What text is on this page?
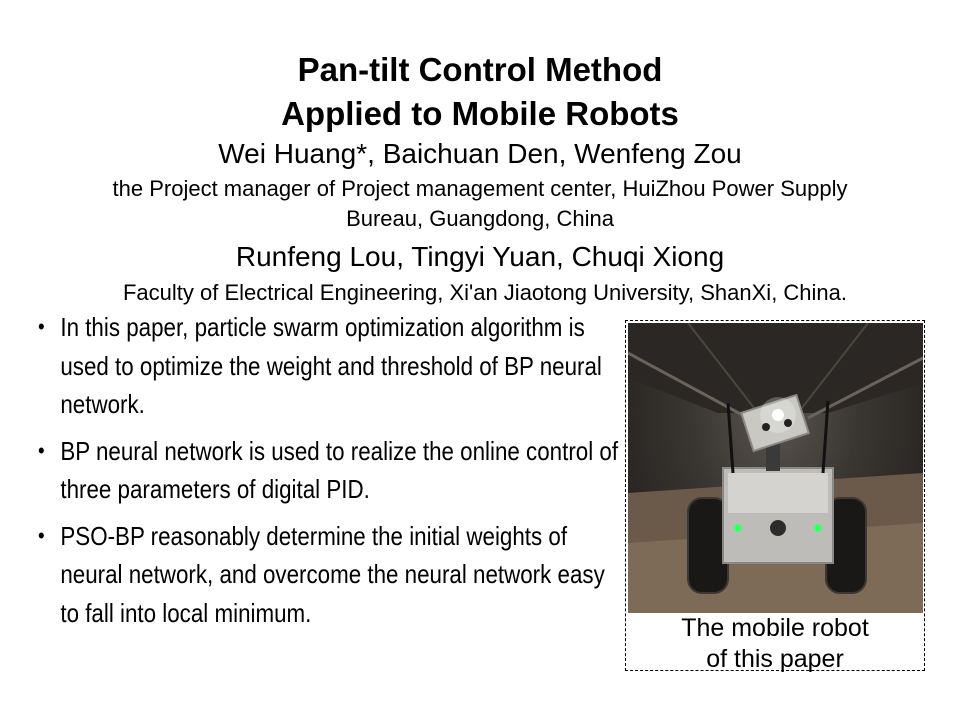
Pan-tilt Control Method
Applied to Mobile Robots
Wei Huang*, Baichuan Den, Wenfeng Zou
the Project manager of Project management center, HuiZhou Power Supply
Bureau, Guangdong, China
Runfeng Lou, Tingyi Yuan, Chuqi Xiong
Faculty of Electrical Engineering, Xi'an Jiaotong University, ShanXi, China.
• In this paper, particle swarm optimization algorithm is used to optimize the weight and threshold of BP neural network.
• BP neural network is used to realize the online control of three parameters of digital PID.
• PSO-BP reasonably determine the initial weights of neural network, and overcome the neural network easy to fall into local minimum.
The mobile robot
of this paper
